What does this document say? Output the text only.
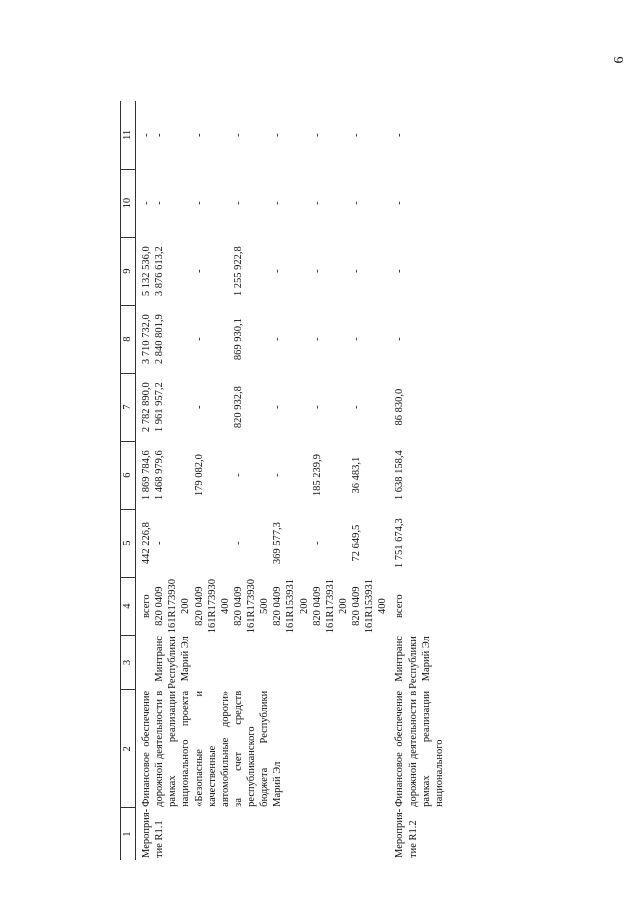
6
1	2	3	4	5	6	7	8	9	10	11
Мероприя-тие R1.1	Финансовое обеспечение дорожной деятельности в рамках реализации национального проекта «Безопасные и качественные автомобильные дороги» за счет средств республиканского бюджета Республики Марий Эл		всего	442 226,8	1 869 784,6	2 782 890,0	3 710 732,0	5 132 536,0	-	-
		Минтранс Республики Марий Эл	820 0409 161R173930 200	-	1 468 979,6	1 961 957,2	2 840 801,9	3 876 613,2	-	-
			820 0409 161R173930 400		179 082,0	-	-	-	-	-
			820 0409 161R173930 500	-	-	820 932,8	869 930,1	1 255 922,8	-	-
			820 0409 161R153931 200	369 577,3	-	-	-	-	-	-
			820 0409 161R173931 200	-	185 239,9	-	-	-	-	-
			820 0409 161R153931 400	72 649,5	36 483,1	-	-	-	-	-
Мероприя-тие R1.2	Финансовое обеспечение дорожной деятельности в рамках реализации национального	Минтранс Республики Марий Эл	всего	1 751 674,3	1 638 158,4	86 830,0	-	-	-	-
